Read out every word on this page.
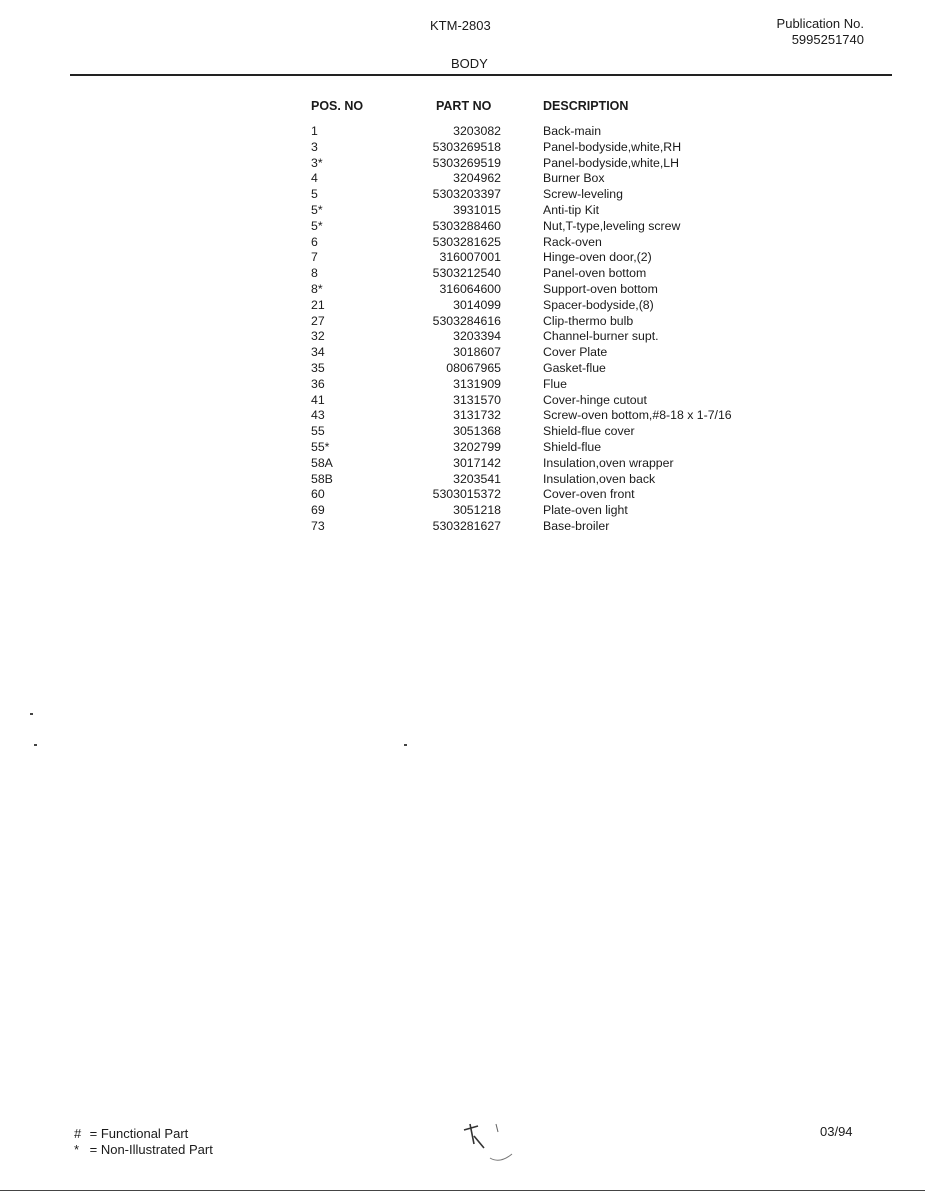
KTM-2803	Publication No.
5995251740
BODY
POS. NO	PART NO	DESCRIPTION
1	3203082	Back-main
3	5303269518	Panel-bodyside,white,RH
3*	5303269519	Panel-bodyside,white,LH
4	3204962	Burner Box
5	5303203397	Screw-leveling
5*	3931015	Anti-tip Kit
5*	5303288460	Nut,T-type,leveling screw
6	5303281625	Rack-oven
7	316007001	Hinge-oven door,(2)
8	5303212540	Panel-oven bottom
8*	316064600	Support-oven bottom
21	3014099	Spacer-bodyside,(8)
27	5303284616	Clip-thermo bulb
32	3203394	Channel-burner supt.
34	3018607	Cover Plate
35	08067965	Gasket-flue
36	3131909	Flue
41	3131570	Cover-hinge cutout
43	3131732	Screw-oven bottom,#8-18 x 1-7/16
55	3051368	Shield-flue cover
55*	3202799	Shield-flue
58A	3017142	Insulation,oven wrapper
58B	3203541	Insulation,oven back
60	5303015372	Cover-oven front
69	3051218	Plate-oven light
73	5303281627	Base-broiler
# = Functional Part
* = Non-Illustrated Part
03/94
